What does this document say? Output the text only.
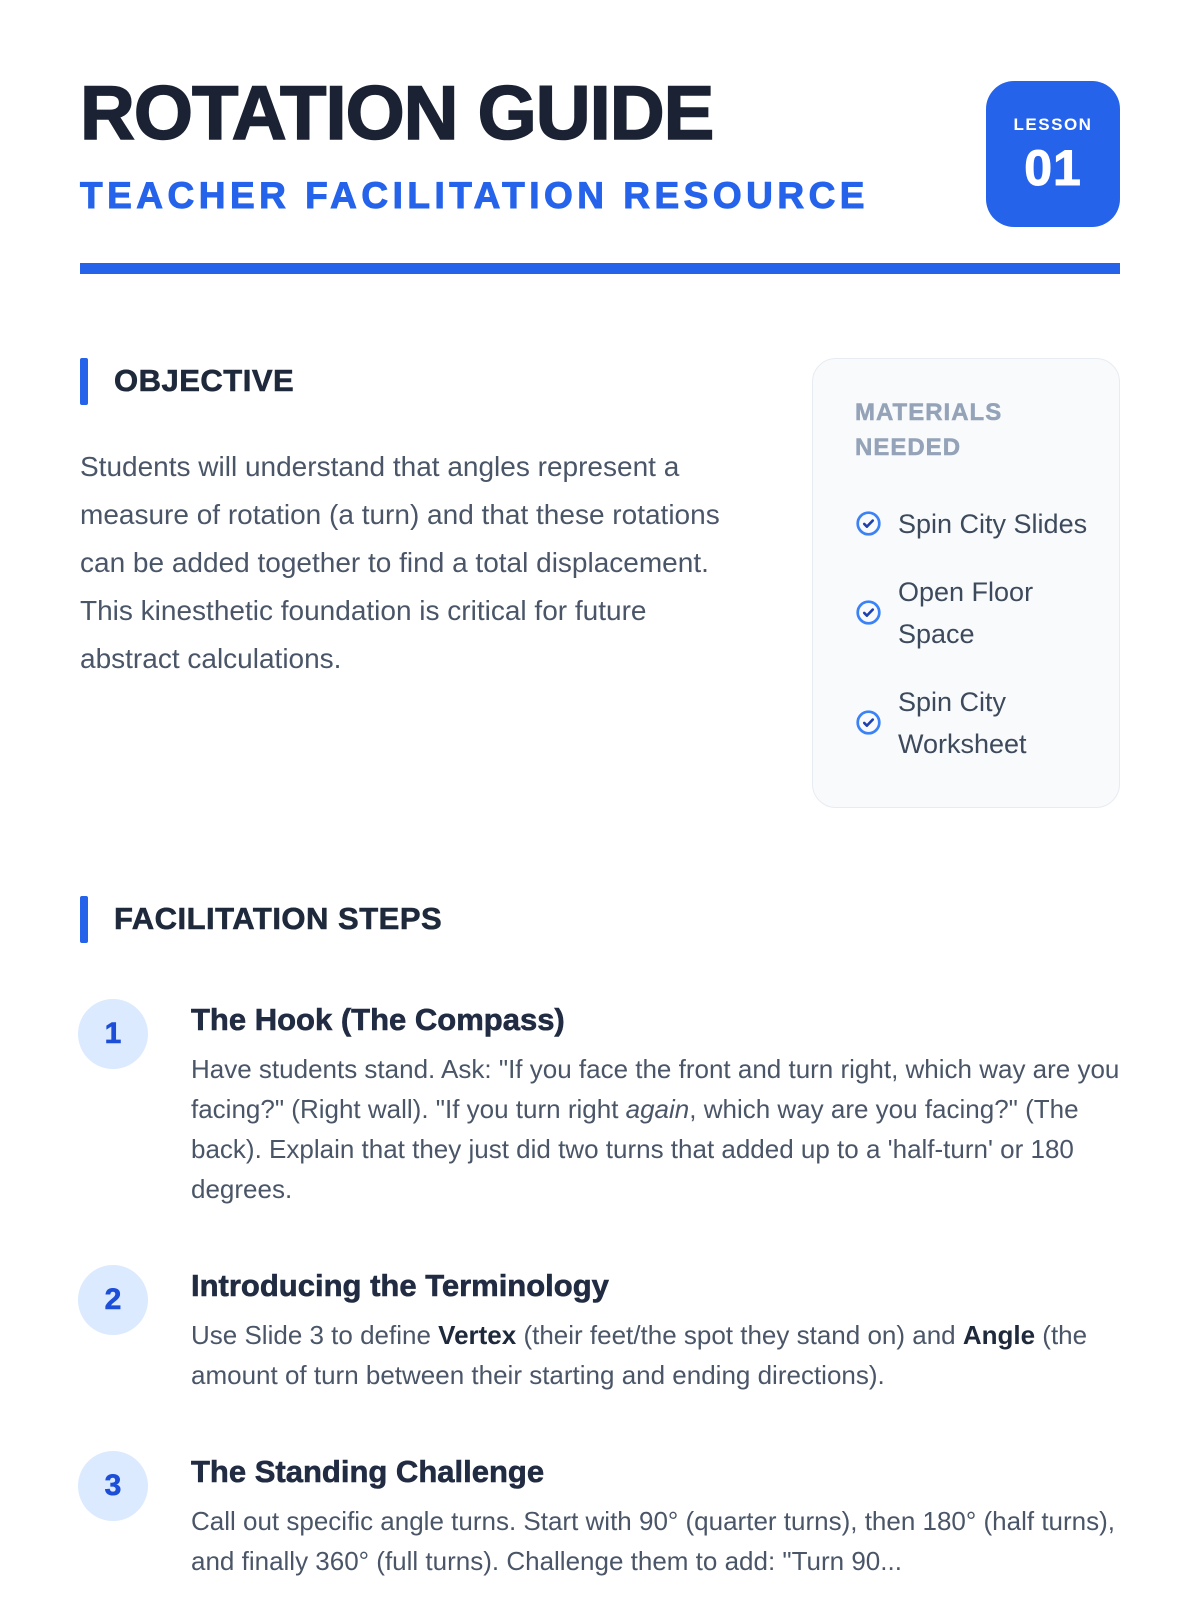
ROTATION GUIDE
TEACHER FACILITATION RESOURCE
LESSON
01
OBJECTIVE

Students will understand that angles represent a measure of rotation (a turn) and that these rotations can be added together to find a total displacement. This kinesthetic foundation is critical for future abstract calculations.

MATERIALS NEEDED
Spin City Slides
Open Floor Space
Spin City Worksheet
FACILITATION STEPS
1 The Hook (The Compass)

Have students stand. Ask: "If you face the front and turn right, which way are you facing?" (Right wall). "If you turn right again, which way are you facing?" (The back). Explain that they just did two turns that added up to a 'half-turn' or 180 degrees.

2 Introducing the Terminology

Use Slide 3 to define Vertex (their feet/the spot they stand on) and Angle (the amount of turn between their starting and ending directions).

3 The Standing Challenge

Call out specific angle turns. Start with 90° (quarter turns), then 180° (half turns), and finally 360° (full turns). Challenge them to add: "Turn 90...
